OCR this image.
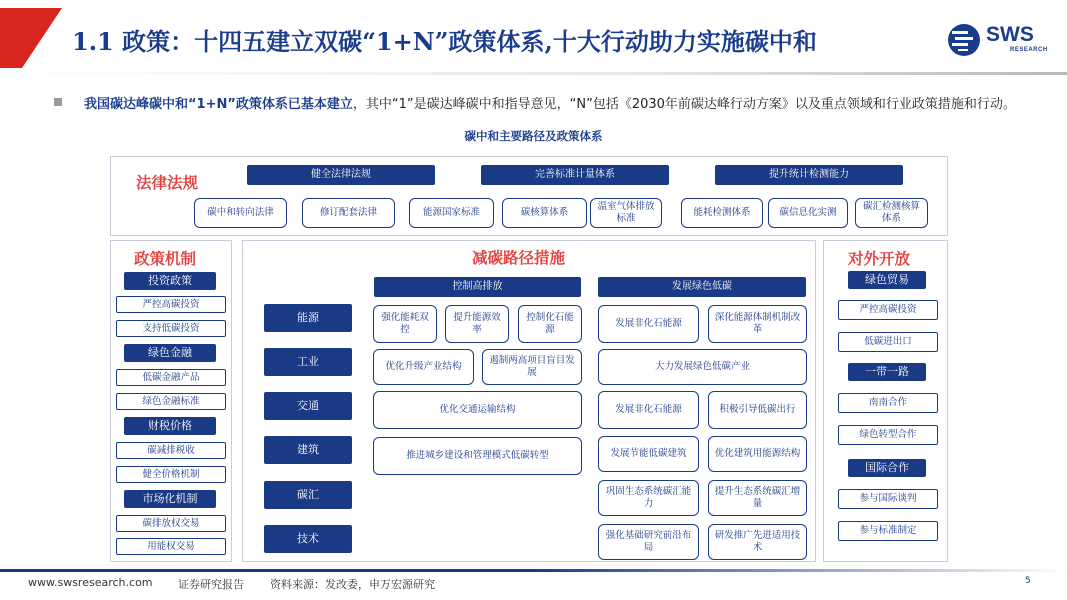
1.1 政策：十四五建立双碳“1+N”政策体系,十大行动助力实施碳中和	SWS
RESEARCH
我国碳达峰碳中和“1+N”政策体系已基本建立，其中“1”是碳达峰碳中和指导意见，“N”包括《2030年前碳达峰行动方案》以及重点领域和行业政策措施和行动。
碳中和主要路径及政策体系
法律法规	健全法律法规	完善标准计量体系	提升统计检测能力
碳中和转向法律	修订配套法律	能源国家标准	碳核算体系
温室气体排放标准
能耗检测体系	碳信息化实测
碳汇检测核算体系
政策机制
投资政策
严控高碳投资
支持低碳投资
绿色金融
低碳金融产品
绿色金融标准
财税价格
碳减排税收
健全价格机制
市场化机制
碳排放权交易
用能权交易
减碳路径措施
能源
工业
交通
建筑
碳汇
技术
控制高排放	发展绿色低碳
强化能耗双控
提升能源效率
控制化石能源
优化升级产业结构
遏制两高项目盲目发展
优化交通运输结构
推进城乡建设和管理模式低碳转型
发展非化石能源
深化能源体制机制改革
大力发展绿色低碳产业
发展非化石能源	积极引导低碳出行
发展节能低碳建筑	优化建筑用能源结构
巩固生态系统碳汇能力
提升生态系统碳汇增量
强化基础研究前沿布局
研发推广先进适用技术
对外开放
绿色贸易
严控高碳投资
低碳进出口
一带一路
南南合作
绿色转型合作
国际合作
参与国际谈判
参与标准制定
www.swsresearch.com 证券研究报告 资料来源：发改委，申万宏源研究	5
